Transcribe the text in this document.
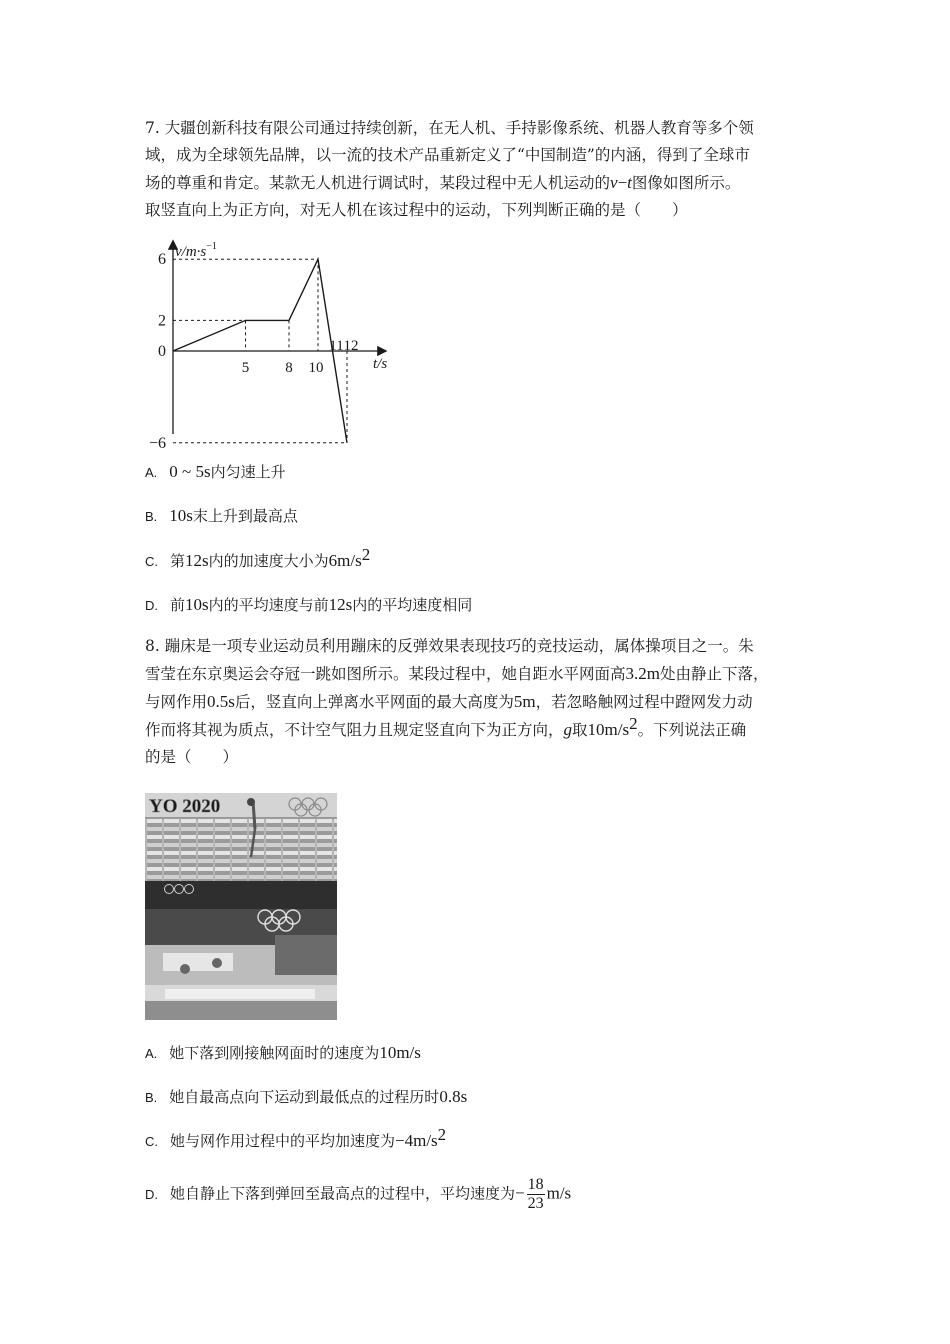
7. 大疆创新科技有限公司通过持续创新，在无人机、手持影像系统、机器人教育等多个领
域，成为全球领先品牌，以一流的技术产品重新定义了“中国制造”的内涵，得到了全球市
场的尊重和肯定。某款无人机进行调试时，某段过程中无人机运动的v−t图像如图所示。
取竖直向上为正方向，对无人机在该过程中的运动，下列判断正确的是（　　）
6
2
0
−6
5 8 10
11 12
$v/m\cdot s^{-1}$
t/s
A. 0 ~ 5s内匀速上升
B. 10s末上升到最高点
C. 第12s内的加速度大小为$6m/s^2$
D. 前10s内的平均速度与前12s内的平均速度相同
8. 蹦床是一项专业运动员利用蹦床的反弹效果表现技巧的竞技运动，属体操项目之一。朱
雪莹在东京奥运会夺冠一跳如图所示。某段过程中，她自距水平网面高3.2m处由静止下落，
与网作用0.5s后，竖直向上弹离水平网面的最大高度为5m，若忽略触网过程中蹬网发力动
作而将其视为质点，不计空气阻力且规定竖直向下为正方向，g取$10m/s^2$。下列说法正确
的是（　　）
YO 2020
A. 她下落到刚接触网面时的速度为10m/s
B. 她自最高点向下运动到最低点的过程历时0.8s
C. 她与网作用过程中的平均加速度为$-4m/s^2$
D. 她自静止下落到弹回至最高点的过程中，平均速度为− $\frac{18}{23} m/s$
